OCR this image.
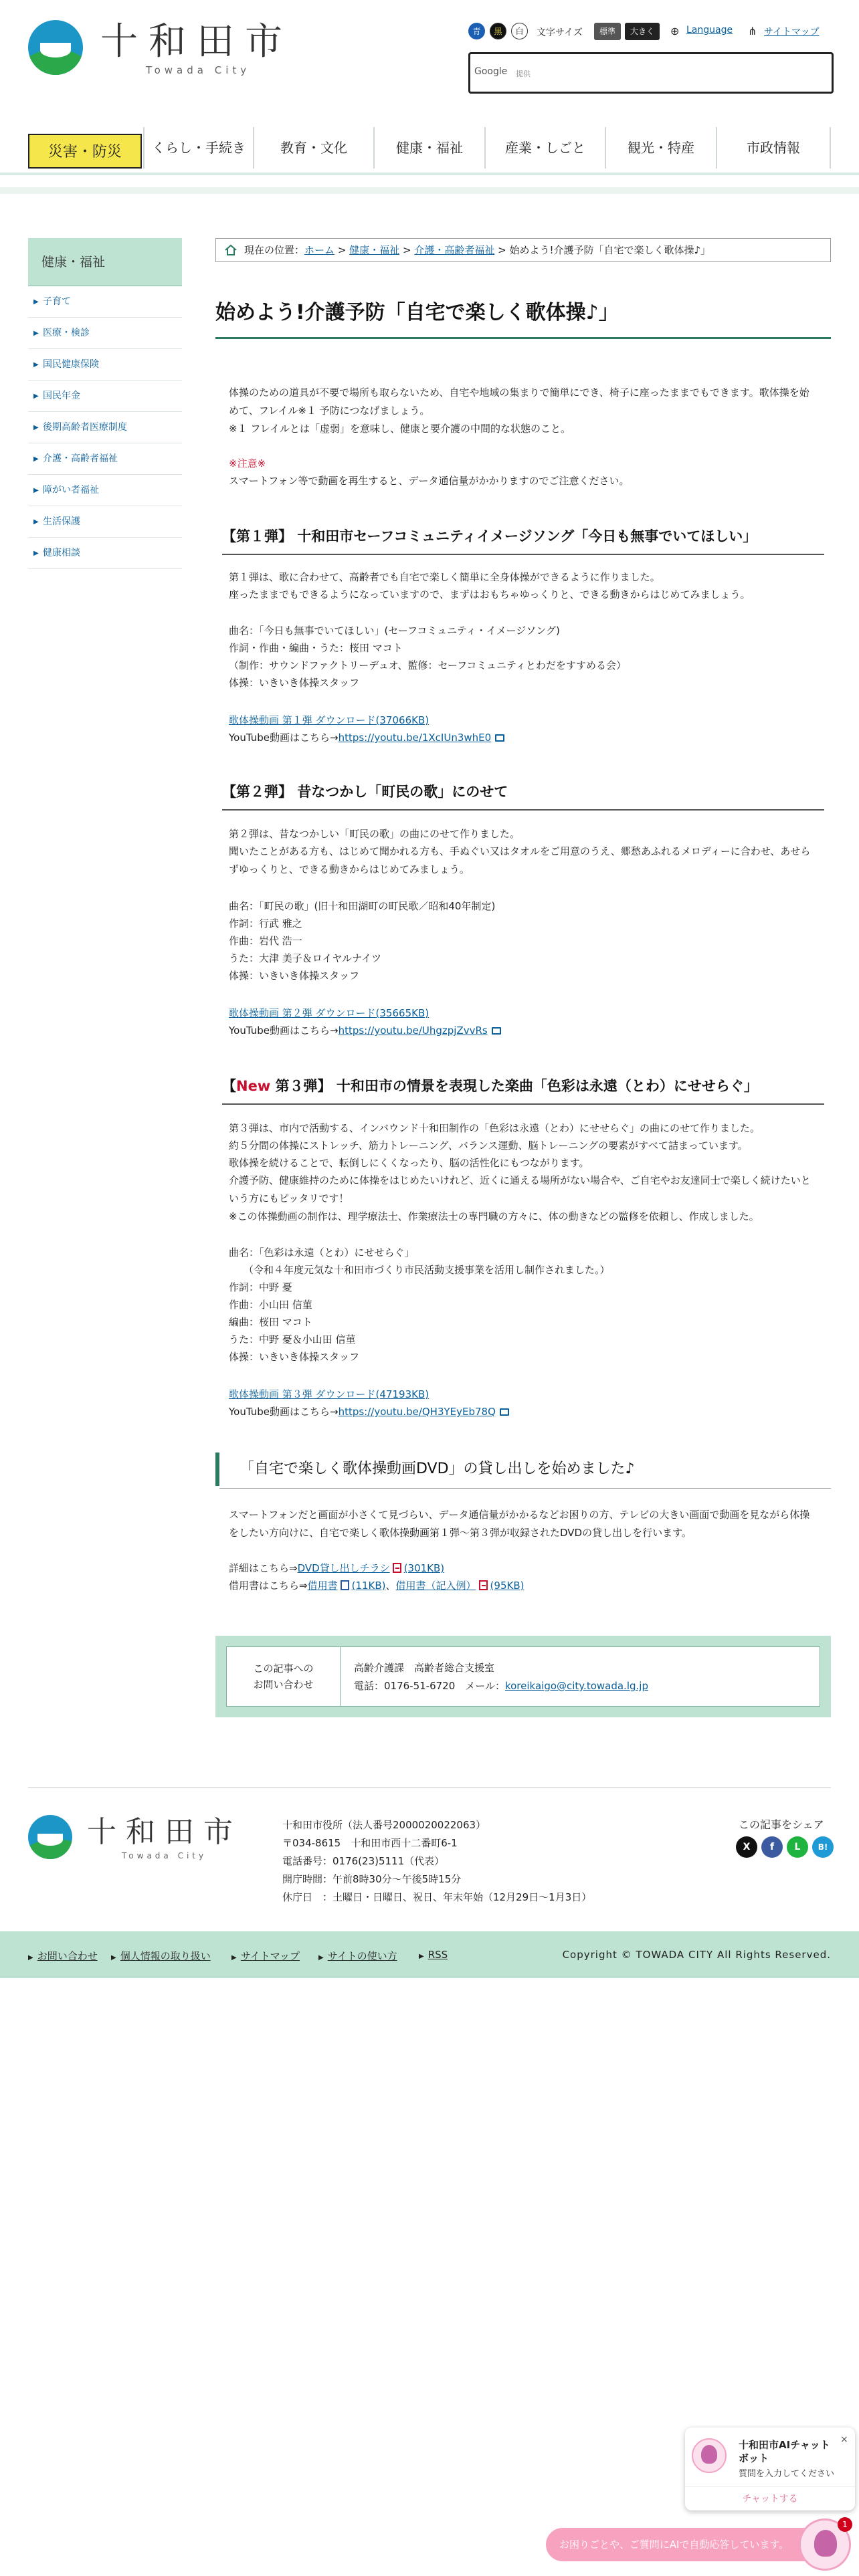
十和田市
Towada City
青	黒	白	文字サイズ	標準	大きく	⊕ Language ⋔ サイトマップ
Google 提供
災害・防災	くらし・手続き	教育・文化	健康・福祉	産業・しごと	観光・特産	市政情報
健康・福祉
▶ 子育て
▶ 医療・検診
▶ 国民健康保険
▶ 国民年金
▶ 後期高齢者医療制度
▶ 介護・高齢者福祉
▶ 障がい者福祉
▶ 生活保護
▶ 健康相談
現在の位置：ホーム > 健康・福祉 > 介護・高齢者福祉 > 始めよう!介護予防「自宅で楽しく歌体操♪」
始めよう!介護予防「自宅で楽しく歌体操♪」
体操のための道具が不要で場所も取らないため、自宅や地域の集まりで簡単にでき、椅子に座ったままでもできます。歌体操を始めて、フレイル※１ 予防につなげましょう。
※１ フレイルとは「虚弱」を意味し、健康と要介護の中間的な状態のこと。
※注意※
スマートフォン等で動画を再生すると、データ通信量がかかりますのでご注意ください。
【第１弾】 十和田市セーフコミュニティイメージソング「今日も無事でいてほしい」
第１弾は、歌に合わせて、高齢者でも自宅で楽しく簡単に全身体操ができるように作りました。
座ったままでもできるようになっていますので、まずはおもちゃゆっくりと、できる動きからはじめてみましょう。
曲名：「今日も無事でいてほしい」(セーフコミュニティ・イメージソング)
作詞・作曲・編曲・うた：桜田 マコト
（制作：サウンドファクトリーデュオ、監修：セーフコミュニティとわだをすすめる会）
体操：いきいき体操スタッフ
歌体操動画 第１弾 ダウンロード(37066KB)
YouTube動画はこちら→https://youtu.be/1XcIUn3whE0
【第２弾】 昔なつかし「町民の歌」にのせて
第２弾は、昔なつかしい「町民の歌」の曲にのせて作りました。
聞いたことがある方も、はじめて聞かれる方も、手ぬぐい又はタオルをご用意のうえ、郷愁あふれるメロディーに合わせ、あせらずゆっくりと、できる動きからはじめてみましょう。
曲名：「町民の歌」(旧十和田湖町の町民歌／昭和40年制定)
作詞：行武 雅之
作曲：岩代 浩一
うた：大津 美子＆ロイヤルナイツ
体操：いきいき体操スタッフ
歌体操動画 第２弾 ダウンロード(35665KB)
YouTube動画はこちら→https://youtu.be/UhgzpjZvvRs
【New 第３弾】 十和田市の情景を表現した楽曲「色彩は永遠（とわ）にせせらぐ」
第３弾は、市内で活動する、インバウンド十和田制作の「色彩は永遠（とわ）にせせらぐ」の曲にのせて作りました。
約５分間の体操にストレッチ、筋力トレーニング、バランス運動、脳トレーニングの要素がすべて詰まっています。
歌体操を続けることで、転倒しにくくなったり、脳の活性化にもつながります。
介護予防、健康維持のために体操をはじめたいけれど、近くに通える場所がない場合や、ご自宅やお友達同士で楽しく続けたいという方にもピッタリです！
※この体操動画の制作は、理学療法士、作業療法士の専門職の方々に、体の動きなどの監修を依頼し、作成しました。
曲名：「色彩は永遠（とわ）にせせらぐ」
（令和４年度元気な十和田市づくり市民活動支援事業を活用し制作されました。）
作詞：中野 憂
作曲：小山田 信菫
編曲：桜田 マコト
うた：中野 憂＆小山田 信菫
体操：いきいき体操スタッフ
歌体操動画 第３弾 ダウンロード(47193KB)
YouTube動画はこちら→https://youtu.be/QH3YEyEb78Q
「自宅で楽しく歌体操動画DVD」の貸し出しを始めました♪
スマートフォンだと画面が小さくて見づらい、データ通信量がかかるなどお困りの方、テレビの大きい画面で動画を見ながら体操をしたい方向けに、自宅で楽しく歌体操動画第１弾～第３弾が収録されたDVDの貸し出しを行います。
詳細はこちら⇒DVD貸し出しチラシ (301KB)
借用書はこちら⇒借用書 (11KB)、借用書（記入例） (95KB)
この記事への
お問い合わせ
高齢介護課　高齢者総合支援室
電話：0176-51-6720　メール：koreikaigo@city.towada.lg.jp
十和田市
Towada City
十和田市役所（法人番号2000020022063）
〒034-8615　十和田市西十二番町6-1
電話番号：0176(23)5111（代表）
開庁時間：午前8時30分～午後5時15分
休庁日　：土曜日・日曜日、祝日、年末年始（12月29日～1月3日）
この記事をシェア
X	f	L	B!
▶ お問い合わせ ▶ 個人情報の取り扱い	▶ サイトマップ	▶ サイトの使い方	▶ RSS	Copyright © TOWADA CITY All Rights Reserved.
十和田市AIチャットボット
×
質問を入力してください
チャットする
お困りごとや、ご質問にAIで自動応答しています。
1
